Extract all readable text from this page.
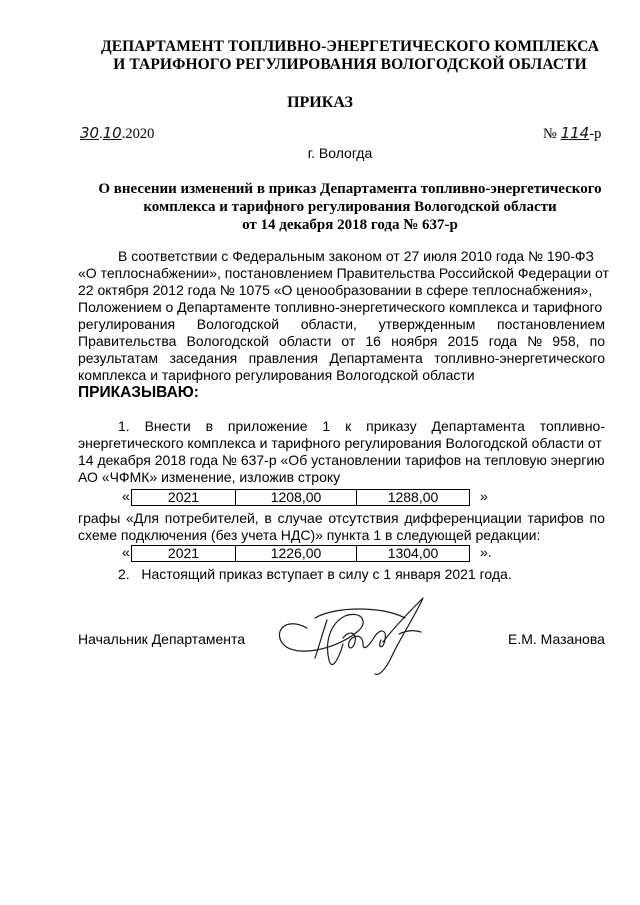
ДЕПАРТАМЕНТ ТОПЛИВНО-ЭНЕРГЕТИЧЕСКОГО КОМПЛЕКСА
И ТАРИФНОГО РЕГУЛИРОВАНИЯ ВОЛОГОДСКОЙ ОБЛАСТИ
ПРИКАЗ
30.10.2020	№ 114-р
г. Вологда
О внесении изменений в приказ Департамента топливно-энергетического
комплекса и тарифного регулирования Вологодской области
от 14 декабря 2018 года № 637-р
В соответствии с Федеральным законом от 27 июля 2010 года № 190-ФЗ
«О теплоснабжении», постановлением Правительства Российской Федерации от
22 октября 2012 года № 1075 «О ценообразовании в сфере теплоснабжения»,
Положением о Департаменте топливно-энергетического комплекса и тарифного
регулирования Вологодской области, утвержденным постановлением
Правительства Вологодской области от 16 ноября 2015 года № 958, по
результатам заседания правления Департамента топливно-энергетического
комплекса и тарифного регулирования Вологодской области
ПРИКАЗЫВАЮ:
1. Внести в приложение 1 к приказу Департамента топливно-
энергетического комплекса и тарифного регулирования Вологодской области от
14 декабря 2018 года № 637-р «Об установлении тарифов на тепловую энергию
АО «ЧФМК» изменение, изложив строку
«	2021	1208,00	1288,00	»
графы «Для потребителей, в случае отсутствия дифференциации тарифов по
схеме подключения (без учета НДС)» пункта 1 в следующей редакции:
«	2021	1226,00	1304,00	».
2. Настоящий приказ вступает в силу с 1 января 2021 года.
Начальник Департамента	Е.М. Мазанова
